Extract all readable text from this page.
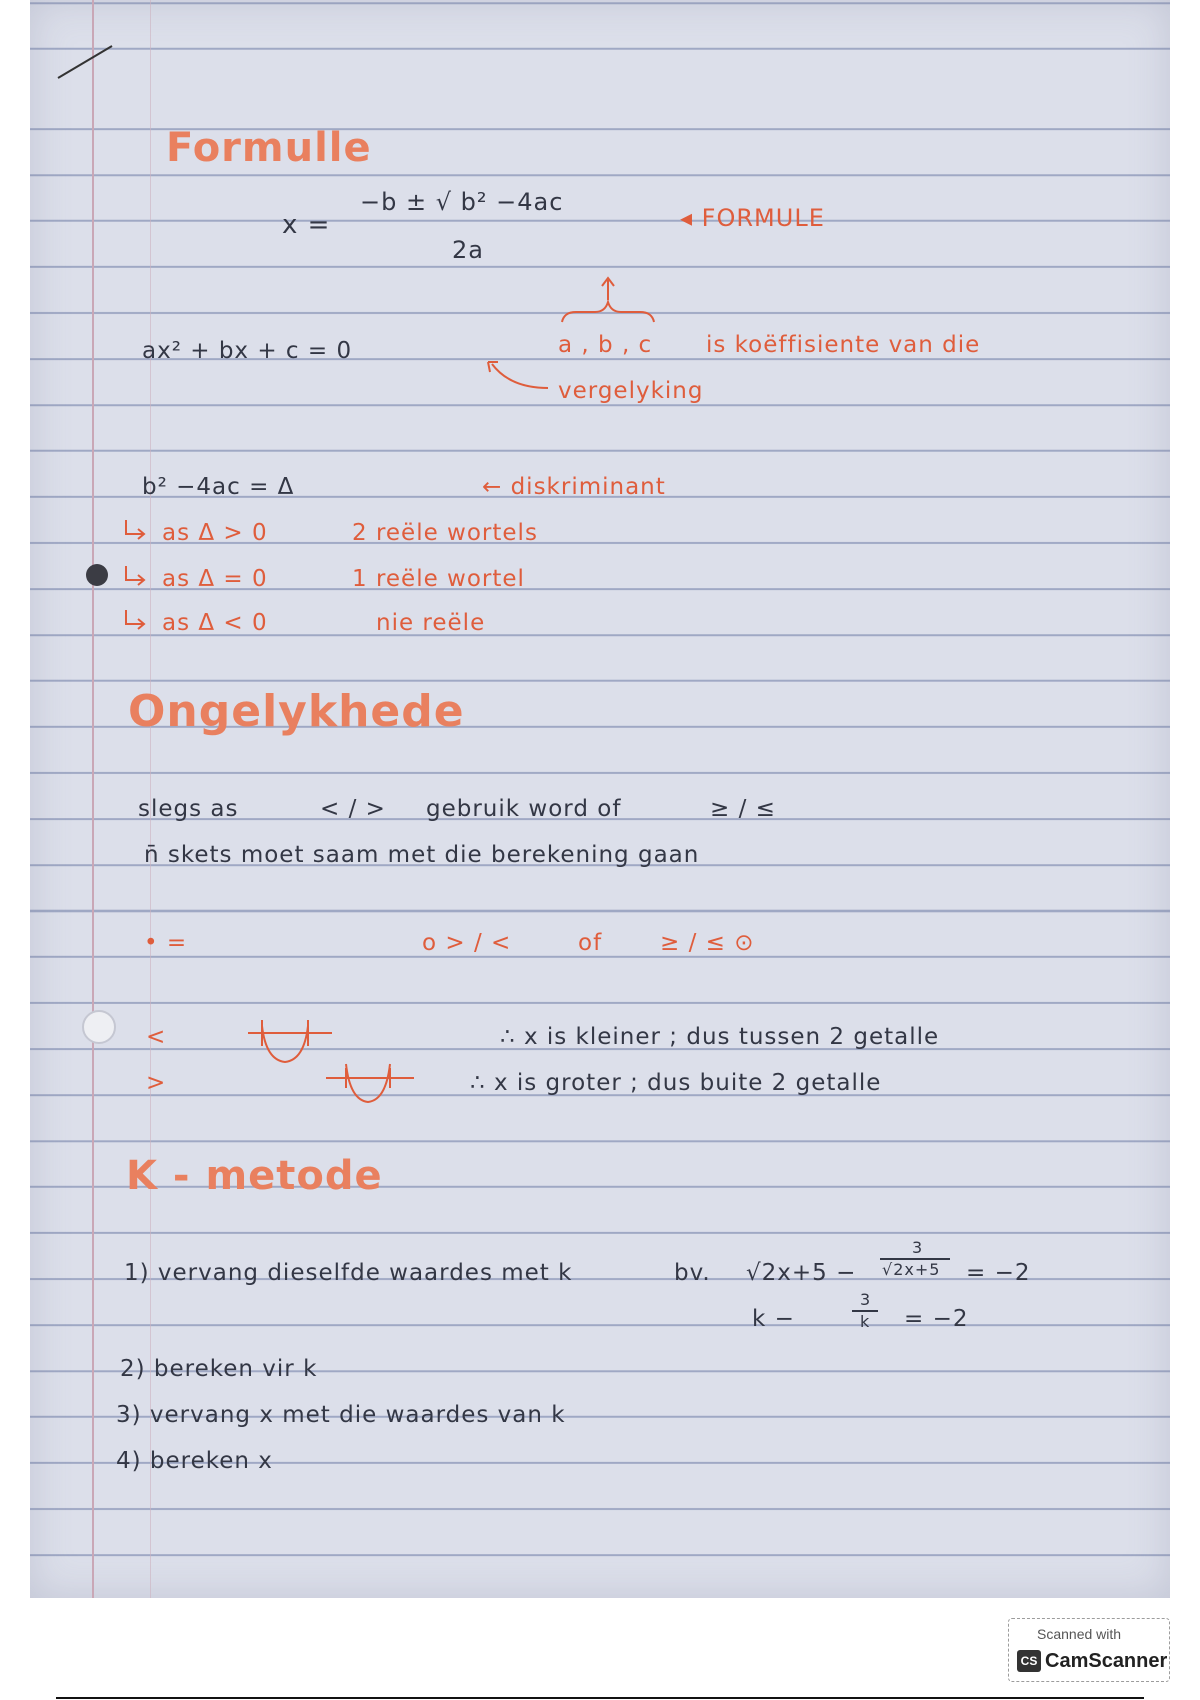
Formulle
x =
−b ± √ b² −4ac
2a
◂ FORMULE
ax² + bx + c = 0	a , b , c is koëffisiente van die
vergelyking
b² −4ac = Δ	← diskriminant
as Δ > 0	2 reële wortels
as Δ = 0	1 reële wortel
as Δ < 0	nie reële
Ongelykhede
slegs as	< / > gebruik word of	≥ / ≤
n̄ skets moet saam met die berekening gaan
• =	o > / <	of	≥ / ≤ ⊙
<	∴ x is kleiner ; dus tussen 2 getalle
>	∴ x is groter ; dus buite 2 getalle
K - metode
1) vervang dieselfde waardes met k	bv. √2x+5 −
3
√2x+5 = −2
k −
3
k = −2
2) bereken vir k
3) vervang x met die waardes van k
4) bereken x
Scanned with
CS CamScanner
